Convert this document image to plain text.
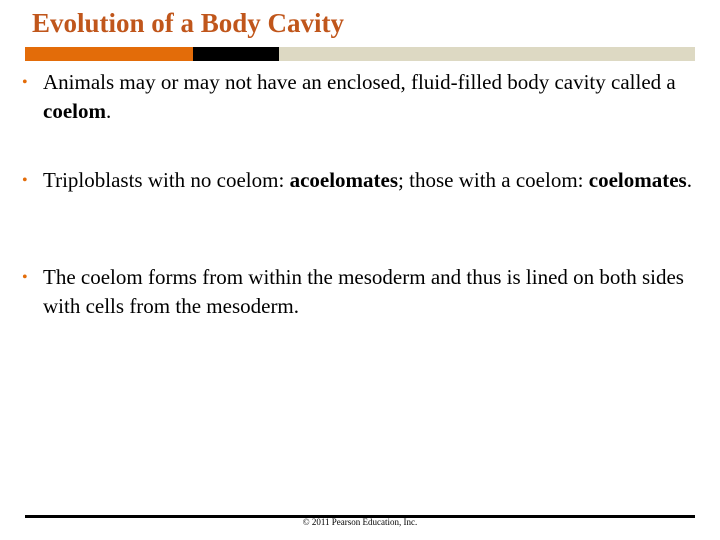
Evolution of a Body Cavity
• Animals may or may not have an enclosed, fluid-filled body cavity called a coelom.
• Triploblasts with no coelom: acoelomates; those with a coelom: coelomates.
• The coelom forms from within the mesoderm and thus is lined on both sides with cells from the mesoderm.
© 2011 Pearson Education, Inc.
